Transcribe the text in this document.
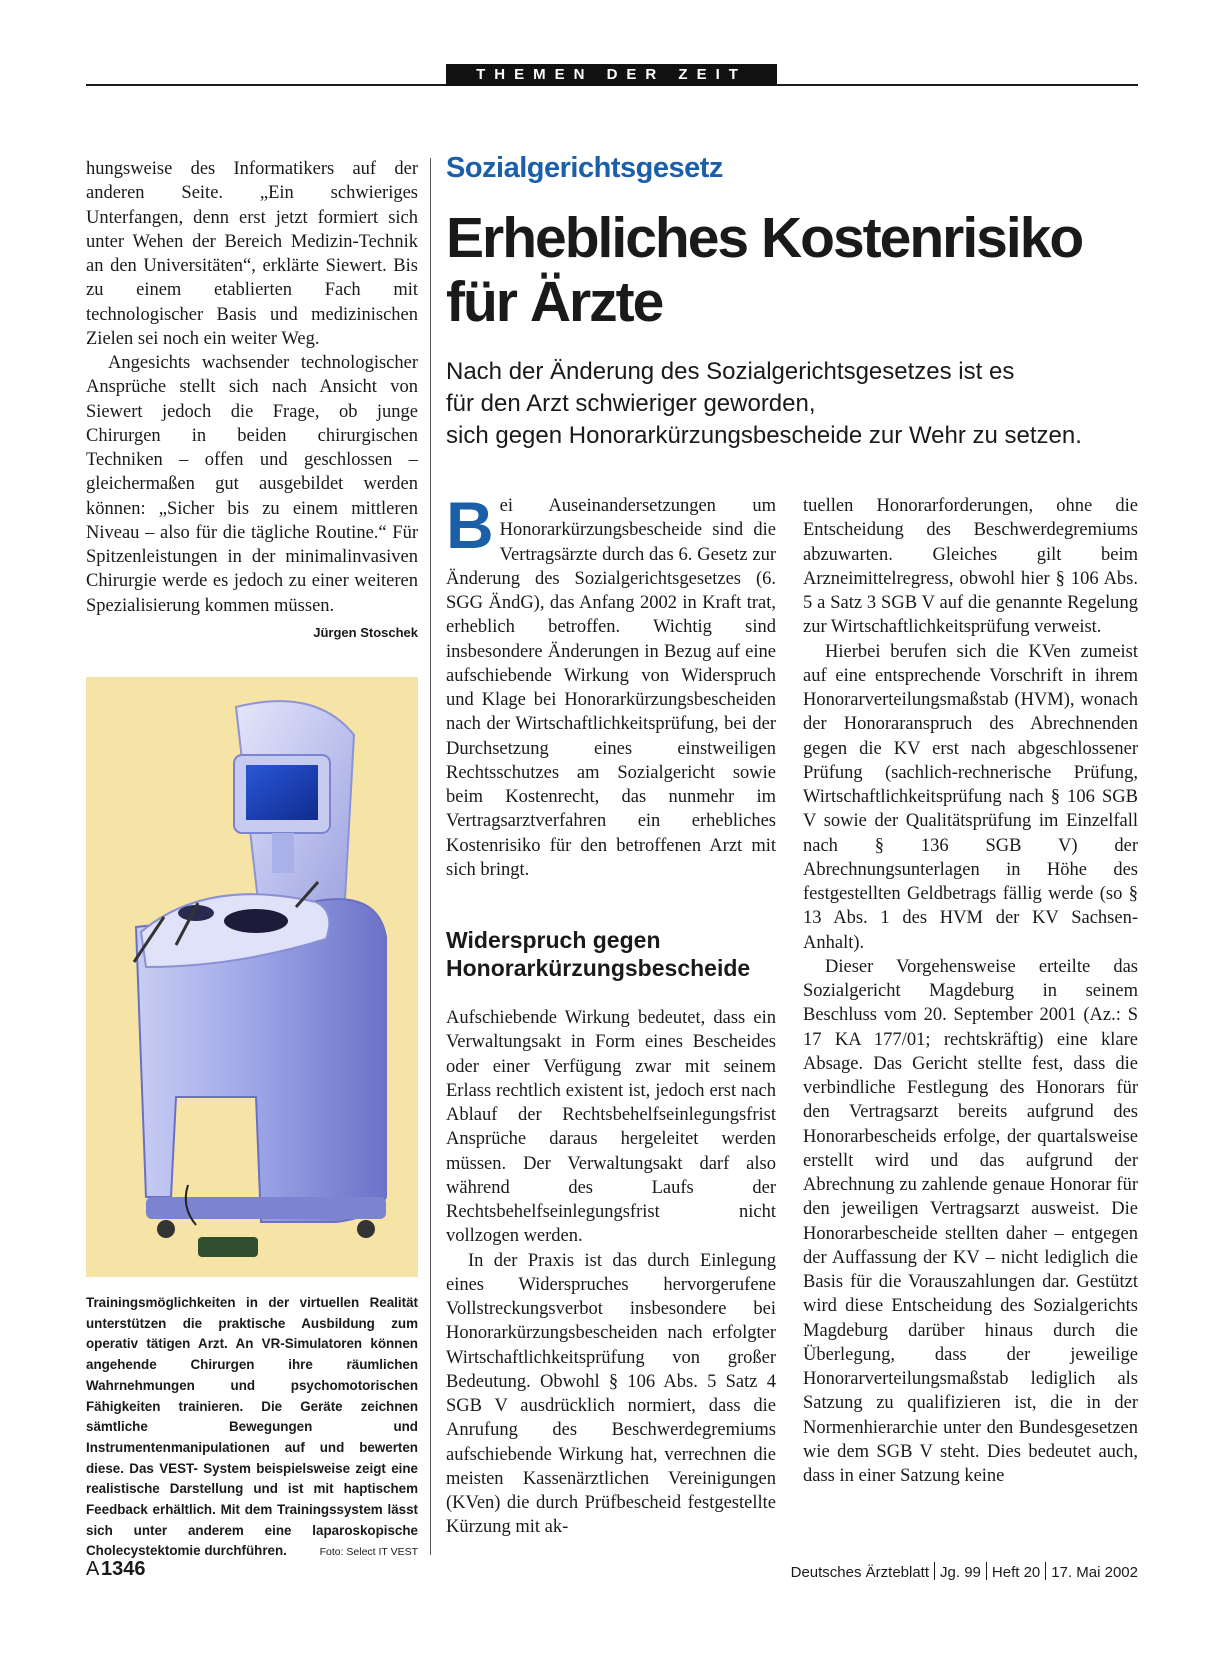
THEMEN DER ZEIT

hungsweise des Informatikers auf der anderen Seite. „Ein schwieriges Unterfangen, denn erst jetzt formiert sich unter Wehen der Bereich Medizin-Technik an den Universitäten“, erklärte Siewert. Bis zu einem etablierten Fach mit technologischer Basis und medizinischen Zielen sei noch ein weiter Weg.

Angesichts wachsender technologischer Ansprüche stellt sich nach Ansicht von Siewert jedoch die Frage, ob junge Chirurgen in beiden chirurgischen Techniken – offen und geschlossen – gleichermaßen gut ausgebildet werden können: „Sicher bis zu einem mittleren Niveau – also für die tägliche Routine.“ Für Spitzenleistungen in der minimalinvasiven Chirurgie werde es jedoch zu einer weiteren Spezialisierung kommen müssen.
Jürgen Stoschek

Trainingsmöglichkeiten in der virtuellen Realität unterstützen die praktische Ausbildung zum operativ tätigen Arzt. An VR-Simulatoren können angehende Chirurgen ihre räumlichen Wahrnehmungen und psychomotorischen Fähigkeiten trainieren. Die Geräte zeichnen sämtliche Bewegungen und Instrumentenmanipulationen auf und bewerten diese. Das VEST- System beispielsweise zeigt eine realistische Darstellung und ist mit haptischem Feedback erhältlich. Mit dem Trainingssystem lässt sich unter anderem eine laparoskopische Cholecystektomie durchführen.	Foto: Select IT VEST
Sozialgerichtsgesetz
Erhebliches Kostenrisiko für Ärzte

Nach der Änderung des Sozialgerichtsgesetzes ist es
für den Arzt schwieriger geworden,
sich gegen Honorarkürzungsbescheide zur Wehr zu setzen.

Bei Auseinandersetzungen um Honorarkürzungsbescheide sind die Vertragsärzte durch das 6. Gesetz zur Änderung des Sozialgerichtsgesetzes (6. SGG ÄndG), das Anfang 2002 in Kraft trat, erheblich betroffen. Wichtig sind insbesondere Änderungen in Bezug auf eine aufschiebende Wirkung von Widerspruch und Klage bei Honorarkürzungsbescheiden nach der Wirtschaftlichkeitsprüfung, bei der Durchsetzung eines einstweiligen Rechtsschutzes am Sozialgericht sowie beim Kostenrecht, das nunmehr im Vertragsarztverfahren ein erhebliches Kostenrisiko für den betroffenen Arzt mit sich bringt.

Widerspruch gegen Honorarkürzungsbescheide

Aufschiebende Wirkung bedeutet, dass ein Verwaltungsakt in Form eines Bescheides oder einer Verfügung zwar mit seinem Erlass rechtlich existent ist, jedoch erst nach Ablauf der Rechtsbehelfseinlegungsfrist Ansprüche daraus hergeleitet werden müssen. Der Verwaltungsakt darf also während des Laufs der Rechtsbehelfseinlegungsfrist nicht vollzogen werden.

In der Praxis ist das durch Einlegung eines Widerspruches hervorgerufene Vollstreckungsverbot insbesondere bei Honorarkürzungsbescheiden nach erfolgter Wirtschaftlichkeitsprüfung von großer Bedeutung. Obwohl § 106 Abs. 5 Satz 4 SGB V ausdrücklich normiert, dass die Anrufung des Beschwerdegremiums aufschiebende Wirkung hat, verrechnen die meisten Kassenärztlichen Vereinigungen (KVen) die durch Prüfbescheid festgestellte Kürzung mit ak-

tuellen Honorarforderungen, ohne die Entscheidung des Beschwerdegremiums abzuwarten. Gleiches gilt beim Arzneimittelregress, obwohl hier § 106 Abs. 5 a Satz 3 SGB V auf die genannte Regelung zur Wirtschaftlichkeitsprüfung verweist.

Hierbei berufen sich die KVen zumeist auf eine entsprechende Vorschrift in ihrem Honorarverteilungsmaßstab (HVM), wonach der Honoraranspruch des Abrechnenden gegen die KV erst nach abgeschlossener Prüfung (sachlich-rechnerische Prüfung, Wirtschaftlichkeitsprüfung nach § 106 SGB V sowie der Qualitätsprüfung im Einzelfall nach § 136 SGB V) der Abrechnungsunterlagen in Höhe des festgestellten Geldbetrags fällig werde (so § 13 Abs. 1 des HVM der KV Sachsen-Anhalt).

Dieser Vorgehensweise erteilte das Sozialgericht Magdeburg in seinem Beschluss vom 20. September 2001 (Az.: S 17 KA 177/01; rechtskräftig) eine klare Absage. Das Gericht stellte fest, dass die verbindliche Festlegung des Honorars für den Vertragsarzt bereits aufgrund des Honorarbescheids erfolge, der quartalsweise erstellt wird und das aufgrund der Abrechnung zu zahlende genaue Honorar für den jeweiligen Vertragsarzt ausweist. Die Honorarbescheide stellten daher – entgegen der Auffassung der KV – nicht lediglich die Basis für die Vorauszahlungen dar. Gestützt wird diese Entscheidung des Sozialgerichts Magdeburg darüber hinaus durch die Überlegung, dass der jeweilige Honorarverteilungsmaßstab lediglich als Satzung zu qualifizieren ist, die in der Normenhierarchie unter den Bundesgesetzen wie dem SGB V steht. Dies bedeutet auch, dass in einer Satzung keine

A 1346	Deutsches Ärzteblatt Jg. 99 Heft 20 17. Mai 2002
